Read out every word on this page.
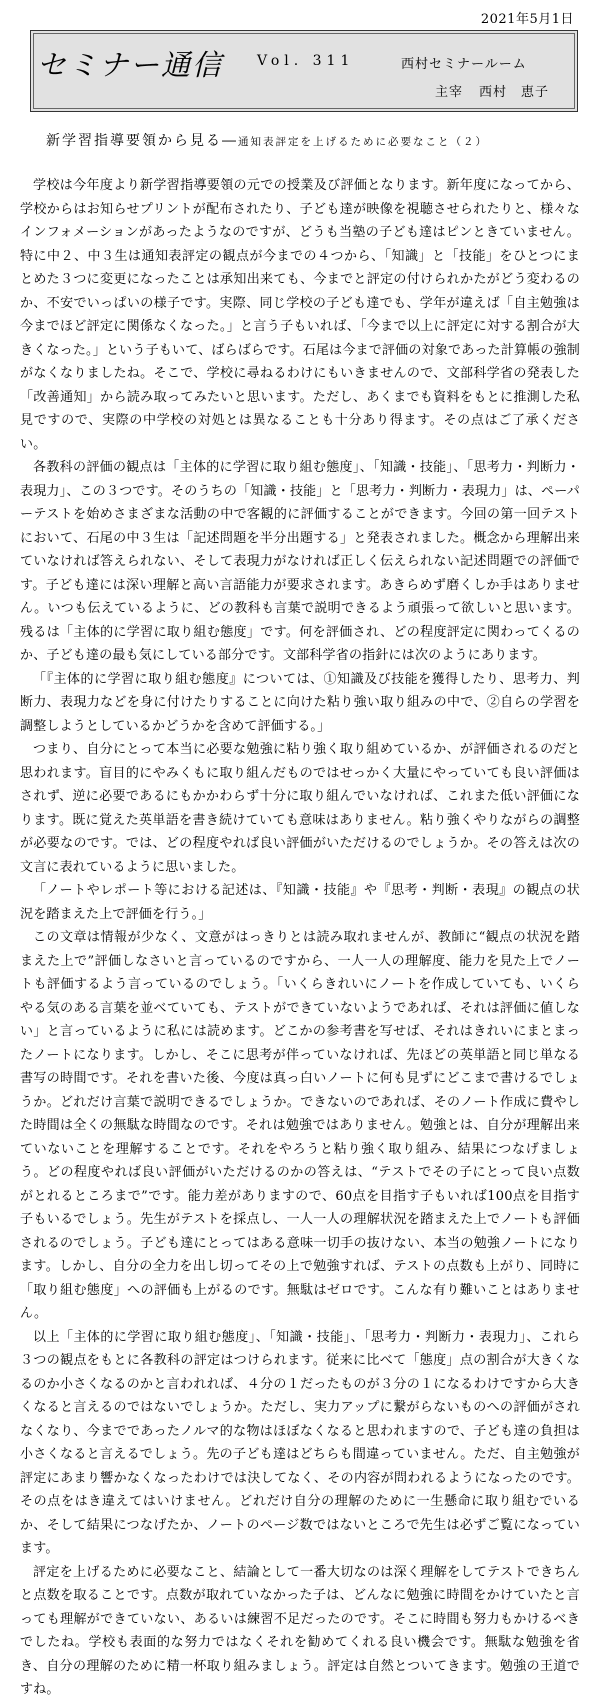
2021年5月1日
セミナー通信 Vol. 311	西村セミナールーム
主宰 西村　恵子
新学習指導要領から見る―通知表評定を上げるために必要なこと（２）

学校は今年度より新学習指導要領の元での授業及び評価となります。新年度になってから、学校からはお知らせプリントが配布されたり、子ども達が映像を視聴させられたりと、様々なインフォメーションがあったようなのですが、どうも当塾の子ども達はピンときていません。特に中２、中３生は通知表評定の観点が今までの４つから、「知識」と「技能」をひとつにまとめた３つに変更になったことは承知出来ても、今までと評定の付けられかたがどう変わるのか、不安でいっぱいの様子です。実際、同じ学校の子ども達でも、学年が違えば「自主勉強は今までほど評定に関係なくなった。」と言う子もいれば、「今まで以上に評定に対する割合が大きくなった。」という子もいて、ばらばらです。石尾は今まで評価の対象であった計算帳の強制がなくなりましたね。そこで、学校に尋ねるわけにもいきませんので、文部科学省の発表した「改善通知」から読み取ってみたいと思います。ただし、あくまでも資料をもとに推測した私見ですので、実際の中学校の対処とは異なることも十分あり得ます。その点はご了承ください。

各教科の評価の観点は「主体的に学習に取り組む態度」、「知識・技能」、「思考力・判断力・表現力」、この３つです。そのうちの「知識・技能」と「思考力・判断力・表現力」は、ペーパーテストを始めさまざまな活動の中で客観的に評価することができます。今回の第一回テストにおいて、石尾の中３生は「記述問題を半分出題する」と発表されました。概念から理解出来ていなければ答えられない、そして表現力がなければ正しく伝えられない記述問題での評価です。子ども達には深い理解と高い言語能力が要求されます。あきらめず磨くしか手はありません。いつも伝えているように、どの教科も言葉で説明できるよう頑張って欲しいと思います。残るは「主体的に学習に取り組む態度」です。何を評価され、どの程度評定に関わってくるのか、子ども達の最も気にしている部分です。文部科学省の指針には次のようにあります。

「『主体的に学習に取り組む態度』については、①知識及び技能を獲得したり、思考力、判断力、表現力などを身に付けたりすることに向けた粘り強い取り組みの中で、②自らの学習を調整しようとしているかどうかを含めて評価する。」

つまり、自分にとって本当に必要な勉強に粘り強く取り組めているか、が評価されるのだと思われます。盲目的にやみくもに取り組んだものではせっかく大量にやっていても良い評価はされず、逆に必要であるにもかかわらず十分に取り組んでいなければ、これまた低い評価になります。既に覚えた英単語を書き続けていても意味はありません。粘り強くやりながらの調整が必要なのです。では、どの程度やれば良い評価がいただけるのでしょうか。その答えは次の文言に表れているように思いました。

「ノートやレポート等における記述は、『知識・技能』や『思考・判断・表現』の観点の状況を踏まえた上で評価を行う。」

この文章は情報が少なく、文意がはっきりとは読み取れませんが、教師に“観点の状況を踏まえた上で”評価しなさいと言っているのですから、一人一人の理解度、能力を見た上でノートも評価するよう言っているのでしょう。「いくらきれいにノートを作成していても、いくらやる気のある言葉を並べていても、テストができていないようであれば、それは評価に値しない」と言っているように私には読めます。どこかの参考書を写せば、それはきれいにまとまったノートになります。しかし、そこに思考が伴っていなければ、先ほどの英単語と同じ単なる書写の時間です。それを書いた後、今度は真っ白いノートに何も見ずにどこまで書けるでしょうか。どれだけ言葉で説明できるでしょうか。できないのであれば、そのノート作成に費やした時間は全くの無駄な時間なのです。それは勉強ではありません。勉強とは、自分が理解出来ていないことを理解することです。それをやろうと粘り強く取り組み、結果につなげましょう。どの程度やれば良い評価がいただけるのかの答えは、“テストでその子にとって良い点数がとれるところまで”です。能力差がありますので、60点を目指す子もいれば100点を目指す子もいるでしょう。先生がテストを採点し、一人一人の理解状況を踏まえた上でノートも評価されるのでしょう。子ども達にとってはある意味一切手の抜けない、本当の勉強ノートになります。しかし、自分の全力を出し切ってその上で勉強すれば、テストの点数も上がり、同時に「取り組む態度」への評価も上がるのです。無駄はゼロです。こんな有り難いことはありません。

以上「主体的に学習に取り組む態度」、「知識・技能」、「思考力・判断力・表現力」、これら３つの観点をもとに各教科の評定はつけられます。従来に比べて「態度」点の割合が大きくなるのか小さくなるのかと言われれば、４分の１だったものが３分の１になるわけですから大きくなると言えるのではないでしょうか。ただし、実力アップに繋がらないものへの評価がされなくなり、今までであったノルマ的な物はほぼなくなると思われますので、子ども達の負担は小さくなると言えるでしょう。先の子ども達はどちらも間違っていません。ただ、自主勉強が評定にあまり響かなくなったわけでは決してなく、その内容が問われるようになったのです。その点をはき違えてはいけません。どれだけ自分の理解のために一生懸命に取り組むでいるか、そして結果につなげたか、ノートのページ数ではないところで先生は必ずご覧になっています。

評定を上げるために必要なこと、結論として一番大切なのは深く理解をしてテストできちんと点数を取ることです。点数が取れていなかった子は、どんなに勉強に時間をかけていたと言っても理解ができていない、あるいは練習不足だったのです。そこに時間も努力もかけるべきでしたね。学校も表面的な努力ではなくそれを勧めてくれる良い機会です。無駄な勉強を省き、自分の理解のために精一杯取り組みましょう。評定は自然とついてきます。勉強の王道ですね。
